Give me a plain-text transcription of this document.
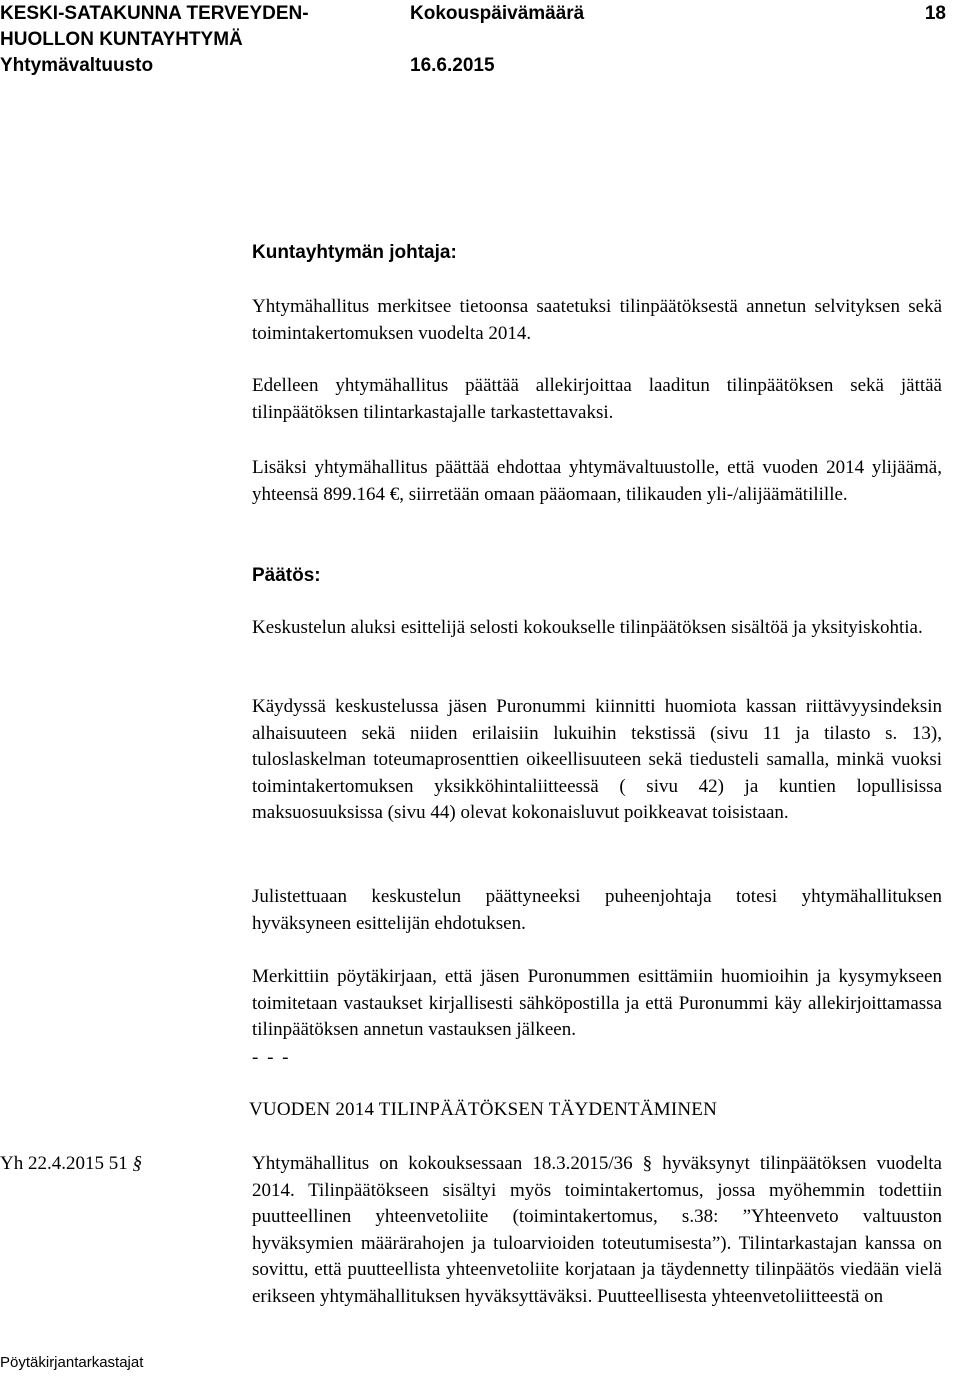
KESKI-SATAKUNNA TERVEYDEN-
HUOLLON KUNTAYHTYMÄ
Yhtymävaltuusto
Kokouspäivämäärä
16.6.2015
18
Kuntayhtymän johtaja:
Yhtymähallitus merkitsee tietoonsa saatetuksi tilinpäätöksestä annetun selvityksen sekä toimintakertomuksen vuodelta 2014.
Edelleen yhtymähallitus päättää allekirjoittaa laaditun tilinpäätöksen sekä jättää tilinpäätöksen tilintarkastajalle tarkastettavaksi.
Lisäksi yhtymähallitus päättää ehdottaa yhtymävaltuustolle, että vuoden 2014 ylijäämä, yhteensä 899.164 €, siirretään omaan pääomaan, tilikauden yli-/alijäämätilille.
Päätös:
Keskustelun aluksi esittelijä selosti kokoukselle tilinpäätöksen sisältöä ja yksityiskohtia.
Käydyssä keskustelussa jäsen Puronummi kiinnitti huomiota kassan riittävyysindeksin alhaisuuteen sekä niiden erilaisiin lukuihin tekstissä (sivu 11 ja tilasto s. 13), tuloslaskelman toteumaprosenttien oikeellisuuteen sekä tiedusteli samalla, minkä vuoksi toimintakertomuksen yksikköhintaliitteessä ( sivu 42) ja kuntien lopullisissa maksuosuuksissa (sivu 44) olevat kokonaisluvut poikkeavat toisistaan.
Julistettuaan keskustelun päättyneeksi puheenjohtaja totesi yhtymähallituksen hyväksyneen esittelijän ehdotuksen.
Merkittiin pöytäkirjaan, että jäsen Puronummen esittämiin huomioihin ja kysymykseen toimitetaan vastaukset kirjallisesti sähköpostilla ja että Puronummi käy allekirjoittamassa tilinpäätöksen annetun vastauksen jälkeen.
- - -
VUODEN 2014 TILINPÄÄTÖKSEN TÄYDENTÄMINEN
Yh 22.4.2015 51 §	Yhtymähallitus on kokouksessaan 18.3.2015/36 § hyväksynyt tilinpäätöksen vuodelta 2014. Tilinpäätökseen sisältyi myös toimintakertomus, jossa myöhemmin todettiin puutteellinen yhteenvetoliite (toimintakertomus, s.38: ”Yhteenveto valtuuston hyväksymien määrärahojen ja tuloarvioiden toteutumisesta”). Tilintarkastajan kanssa on sovittu, että puutteellista yhteenvetoliite korjataan ja täydennetty tilinpäätös viedään vielä erikseen yhtymähallituksen hyväksyttäväksi. Puutteellisesta yhteenvetoliitteestä on
Pöytäkirjantarkastajat
